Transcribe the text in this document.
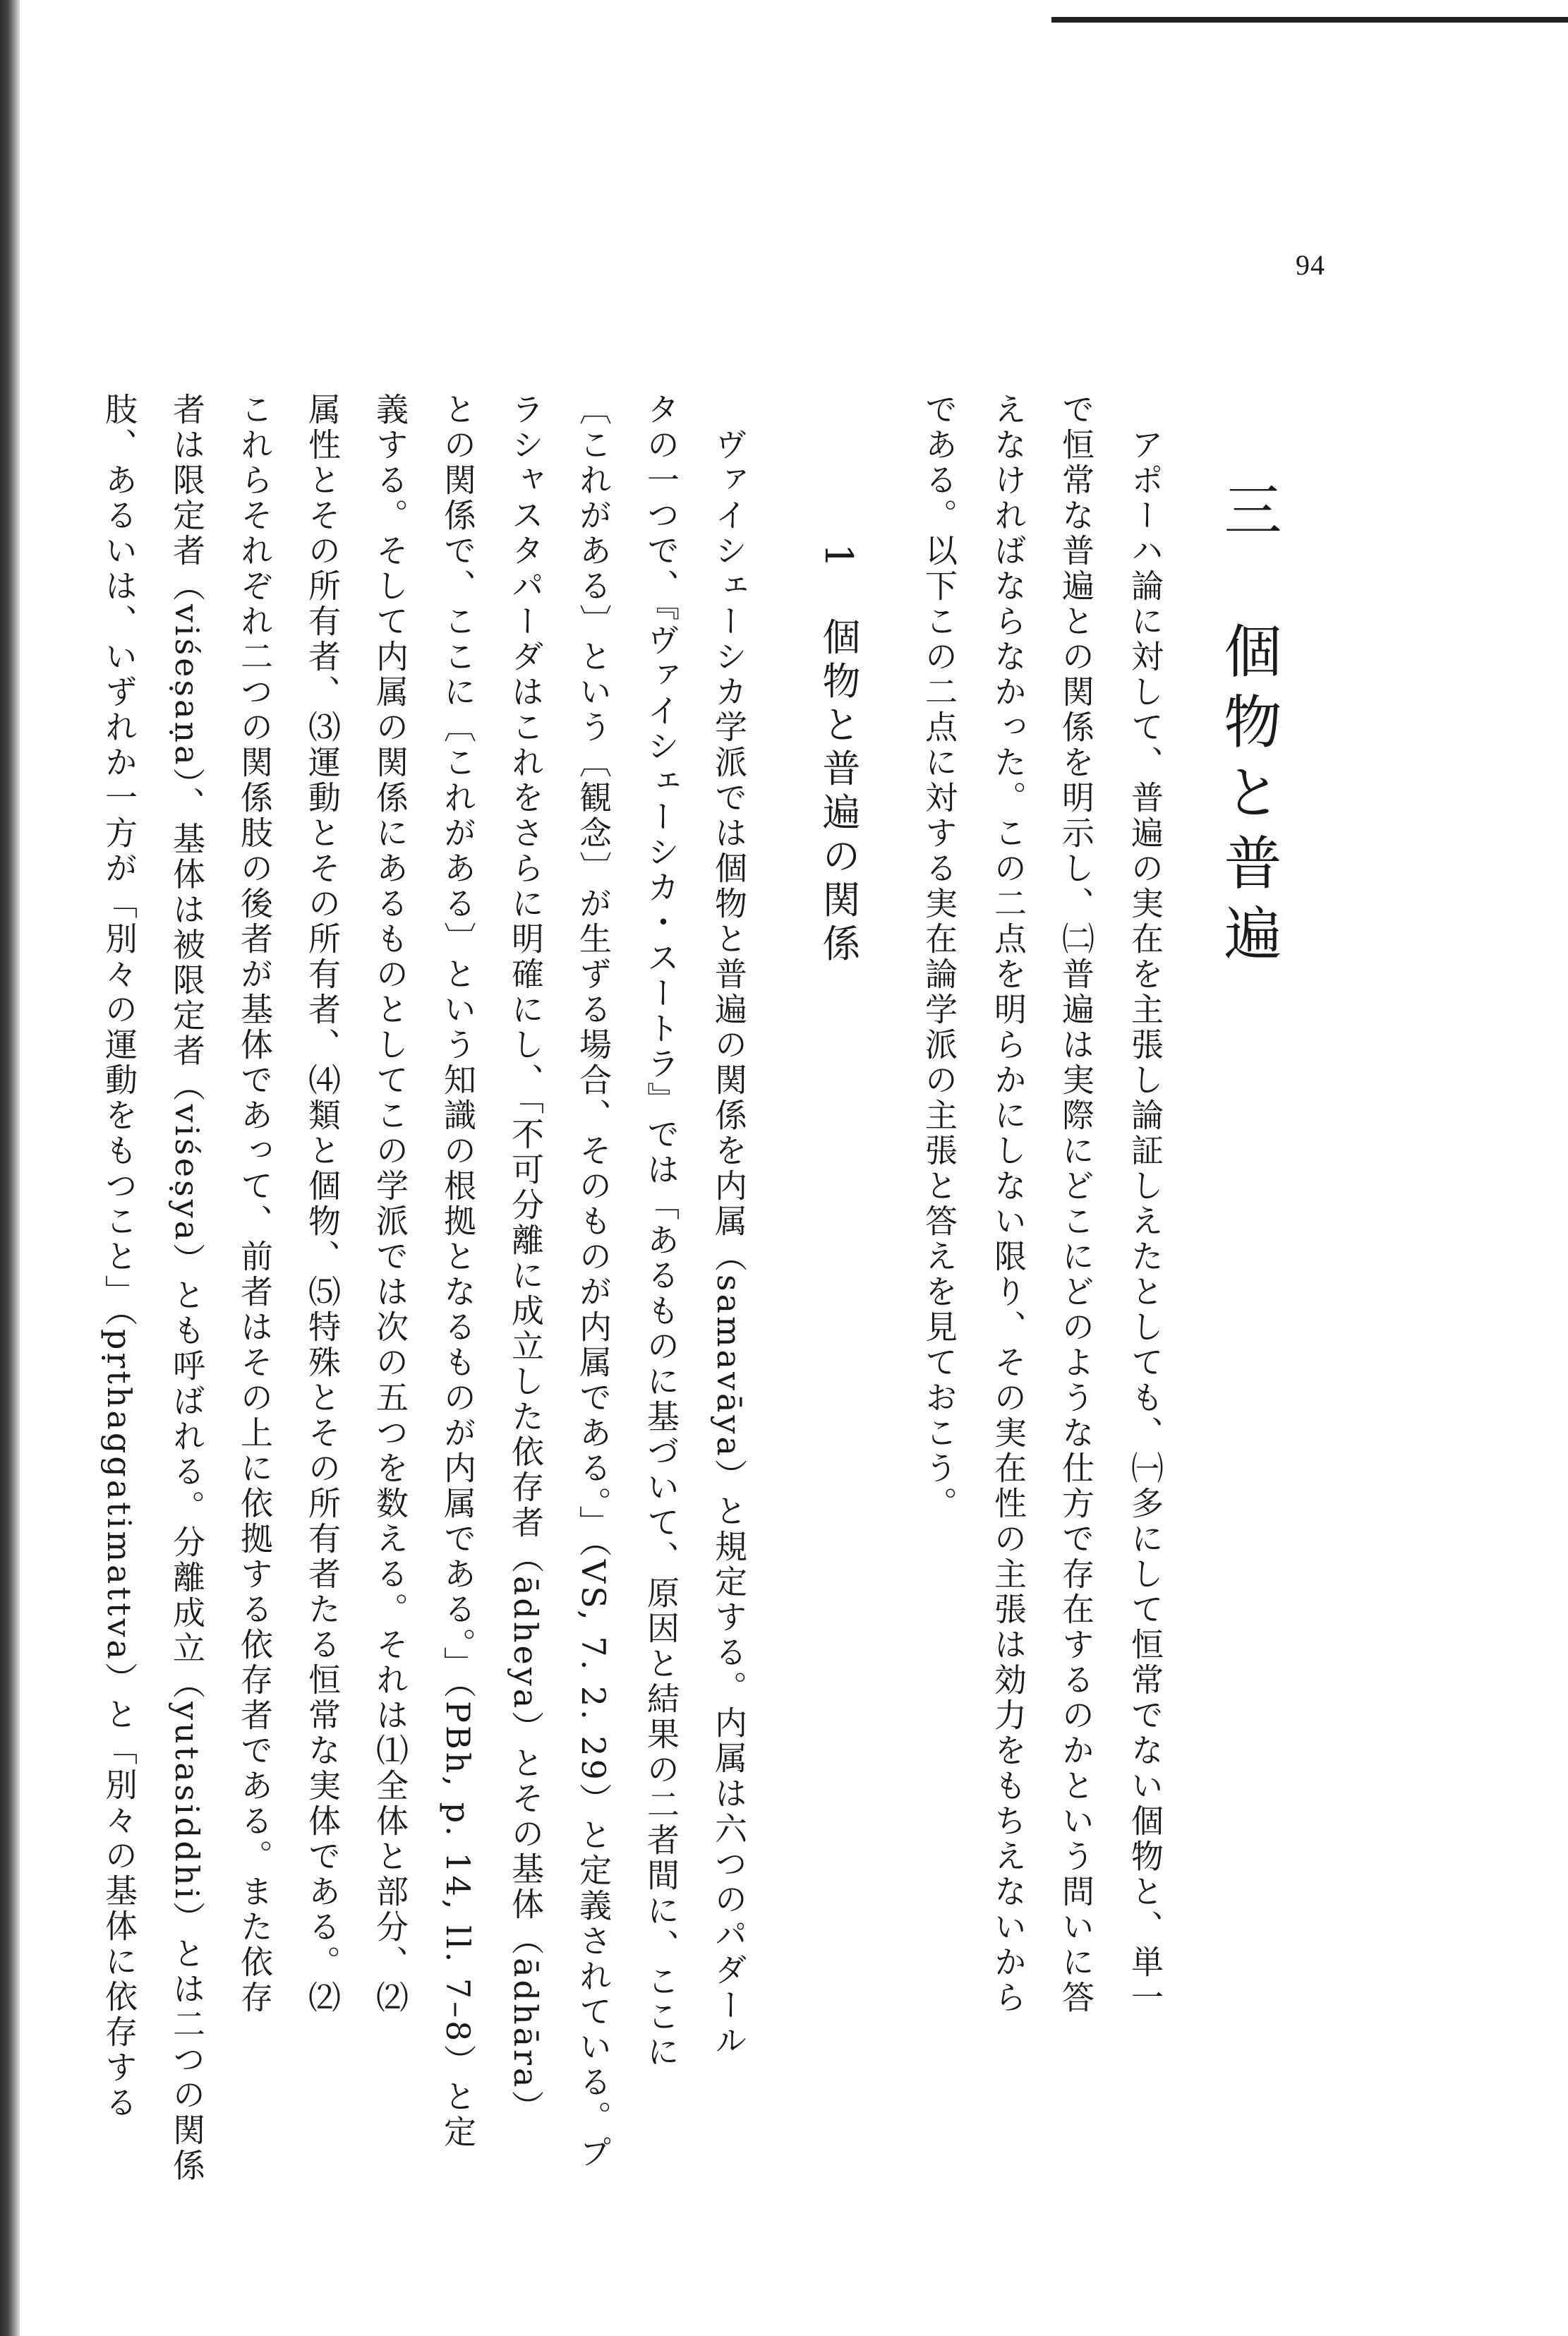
94
三　個物と普遍
　アポーハ論に対して、普遍の実在を主張し論証しえたとしても、㈠多にして恒常でない個物と、単一
で恒常な普遍との関係を明示し、㈡普遍は実際にどこにどのような仕方で存在するのかという問いに答
えなければならなかった。この二点を明らかにしない限り、その実在性の主張は効力をもちえないから
である。以下この二点に対する実在論学派の主張と答えを見ておこう。
1　個物と普遍の関係
　ヴァイシェーシカ学派では個物と普遍の関係を内属（samavāya）と規定する。内属は六つのパダール
タの一つで、『ヴァイシェーシカ・スートラ』では「あるものに基づいて、原因と結果の二者間に、ここに
〔これがある〕という〔観念〕が生ずる場合、そのものが内属である。」（VS, 7. 2. 29）と定義されている。プ
ラシャスタパーダはこれをさらに明確にし、「不可分離に成立した依存者（ādheya）とその基体（ādhāra）
との関係で、ここに〔これがある〕という知識の根拠となるものが内属である。」（PBh, p. 14, ll. 7–8）と定
義する。そして内属の関係にあるものとしてこの学派では次の五つを数える。それは⑴全体と部分、⑵
属性とその所有者、⑶運動とその所有者、⑷類と個物、⑸特殊とその所有者たる恒常な実体である。⑵
これらそれぞれ二つの関係肢の後者が基体であって、前者はその上に依拠する依存者である。また依存
者は限定者（viśeṣaṇa）、基体は被限定者（viśeṣya）とも呼ばれる。分離成立（yutasiddhi）とは二つの関係
肢、あるいは、いずれか一方が「別々の運動をもつこと」（pṛthaggatimattva）と「別々の基体に依存する
